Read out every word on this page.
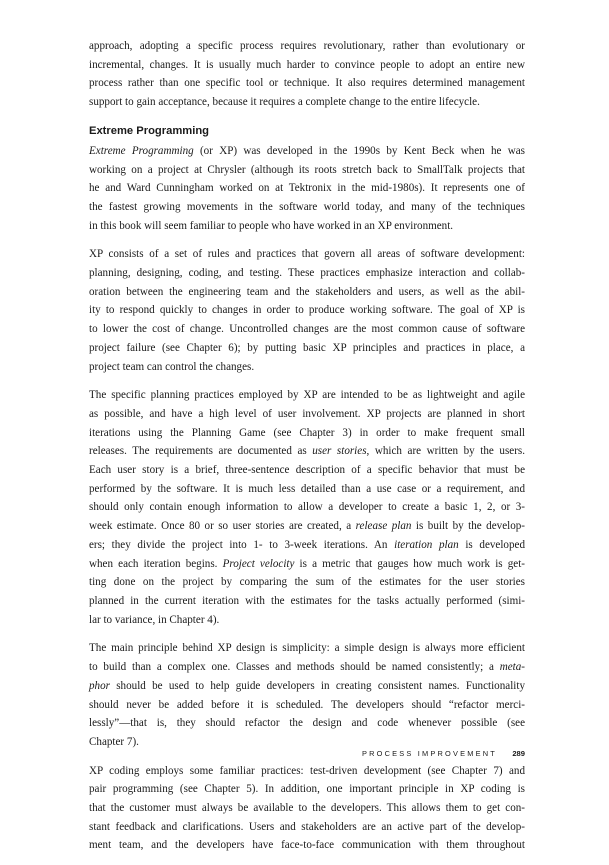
approach, adopting a specific process requires revolutionary, rather than evolutionary or
incremental, changes. It is usually much harder to convince people to adopt an entire new
process rather than one specific tool or technique. It also requires determined management
support to gain acceptance, because it requires a complete change to the entire lifecycle.
Extreme Programming
Extreme Programming (or XP) was developed in the 1990s by Kent Beck when he was
working on a project at Chrysler (although its roots stretch back to SmallTalk projects that
he and Ward Cunningham worked on at Tektronix in the mid-1980s). It represents one of
the fastest growing movements in the software world today, and many of the techniques
in this book will seem familiar to people who have worked in an XP environment.
XP consists of a set of rules and practices that govern all areas of software development:
planning, designing, coding, and testing. These practices emphasize interaction and collab-
oration between the engineering team and the stakeholders and users, as well as the abil-
ity to respond quickly to changes in order to produce working software. The goal of XP is
to lower the cost of change. Uncontrolled changes are the most common cause of software
project failure (see Chapter 6); by putting basic XP principles and practices in place, a
project team can control the changes.
The specific planning practices employed by XP are intended to be as lightweight and agile
as possible, and have a high level of user involvement. XP projects are planned in short
iterations using the Planning Game (see Chapter 3) in order to make frequent small
releases. The requirements are documented as user stories, which are written by the users.
Each user story is a brief, three-sentence description of a specific behavior that must be
performed by the software. It is much less detailed than a use case or a requirement, and
should only contain enough information to allow a developer to create a basic 1, 2, or 3-
week estimate. Once 80 or so user stories are created, a release plan is built by the develop-
ers; they divide the project into 1- to 3-week iterations. An iteration plan is developed
when each iteration begins. Project velocity is a metric that gauges how much work is get-
ting done on the project by comparing the sum of the estimates for the user stories
planned in the current iteration with the estimates for the tasks actually performed (simi-
lar to variance, in Chapter 4).
The main principle behind XP design is simplicity: a simple design is always more efficient
to build than a complex one. Classes and methods should be named consistently; a meta-
phor should be used to help guide developers in creating consistent names. Functionality
should never be added before it is scheduled. The developers should “refactor merci-
lessly”—that is, they should refactor the design and code whenever possible (see
Chapter 7).
XP coding employs some familiar practices: test-driven development (see Chapter 7) and
pair programming (see Chapter 5). In addition, one important principle in XP coding is
that the customer must always be available to the developers. This allows them to get con-
stant feedback and clarifications. Users and stakeholders are an active part of the develop-
ment team, and the developers have face-to-face communication with them throughout
PROCESS IMPROVEMENT 289
